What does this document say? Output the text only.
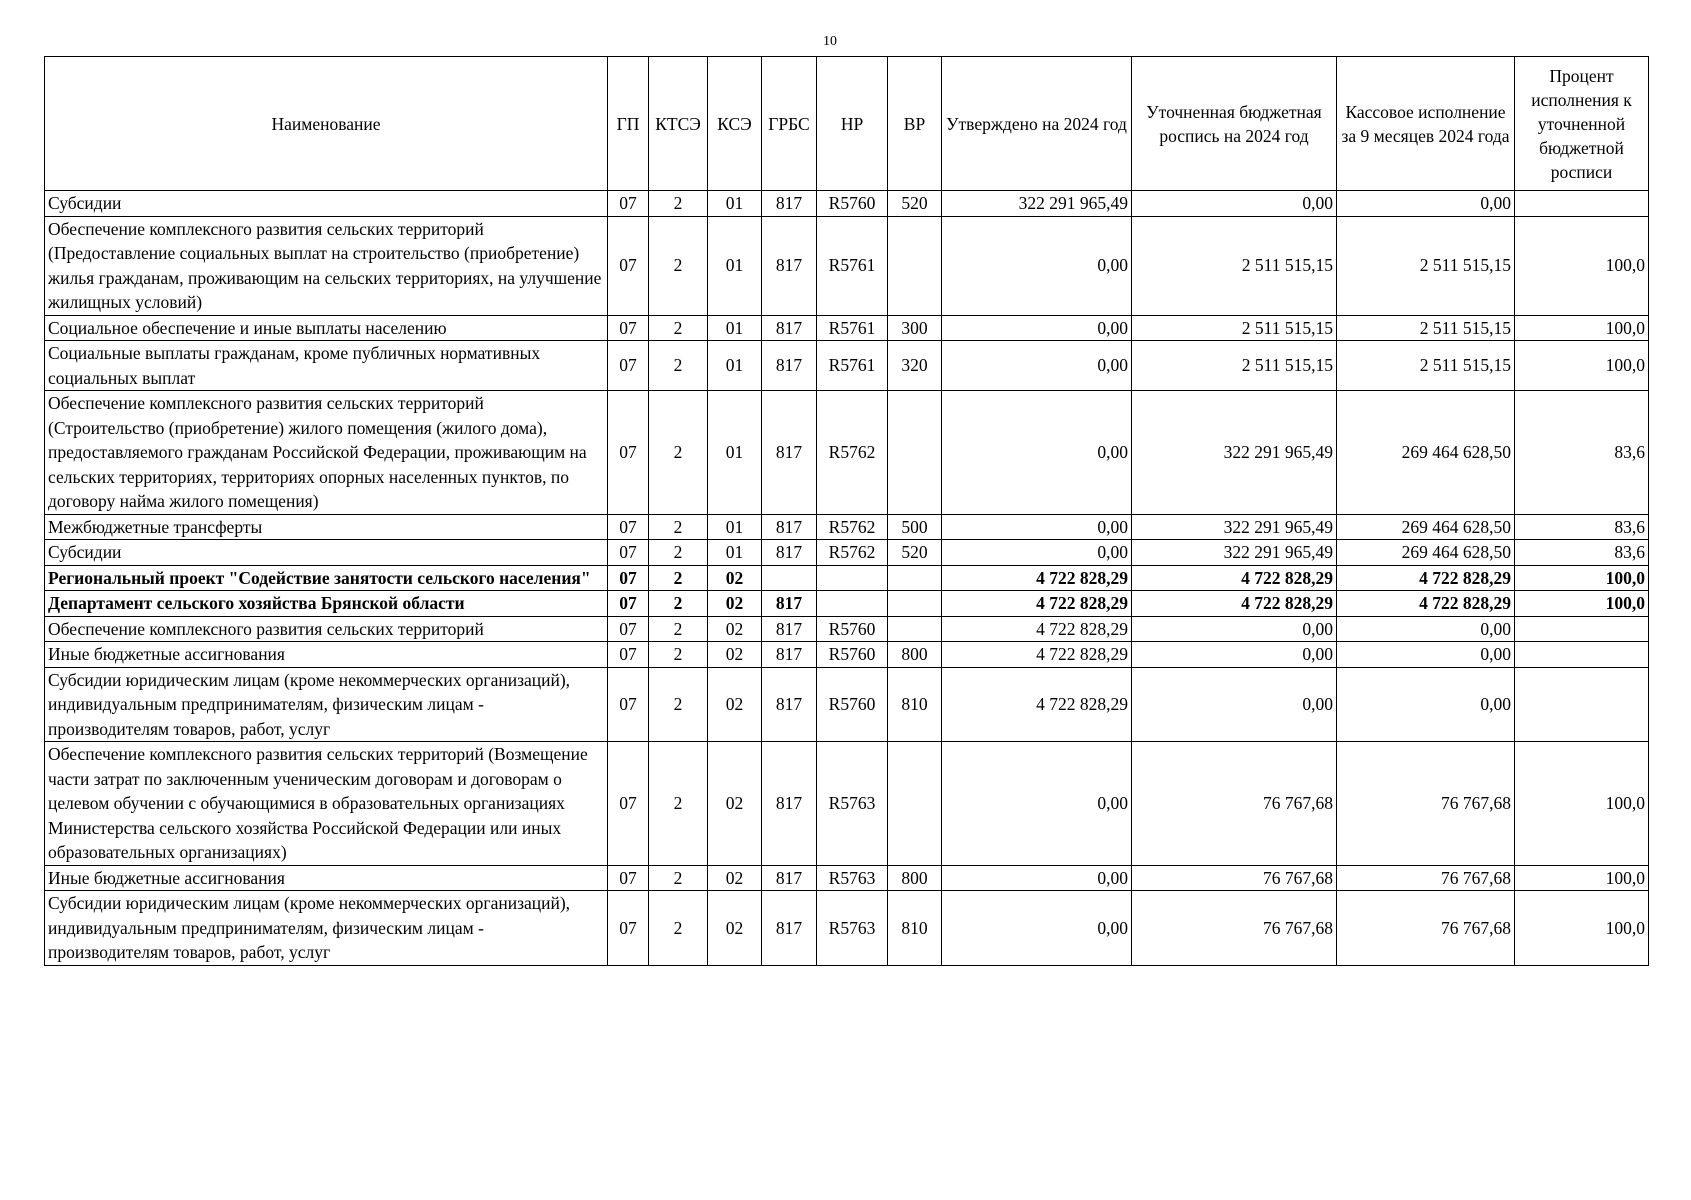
10
Наименование	ГП	КТСЭ	КСЭ	ГРБС	НР	ВР	Утверждено на 2024 год	Уточненная бюджетная роспись на 2024 год	Кассовое исполнение за 9 месяцев 2024 года	Процент исполнения к уточненной бюджетной росписи
Субсидии	07	2	01	817	R5760	520	322 291 965,49	0,00	0,00	
Обеспечение комплексного развития сельских территорий (Предоставление социальных выплат на строительство (приобретение) жилья гражданам, проживающим на сельских территориях, на улучшение жилищных условий)	07	2	01	817	R5761		0,00	2 511 515,15	2 511 515,15	100,0
Социальное обеспечение и иные выплаты населению	07	2	01	817	R5761	300	0,00	2 511 515,15	2 511 515,15	100,0
Социальные выплаты гражданам, кроме публичных нормативных социальных выплат	07	2	01	817	R5761	320	0,00	2 511 515,15	2 511 515,15	100,0
Обеспечение комплексного развития сельских территорий (Строительство (приобретение) жилого помещения (жилого дома), предоставляемого гражданам Российской Федерации, проживающим на сельских территориях, территориях опорных населенных пунктов, по договору найма жилого помещения)	07	2	01	817	R5762		0,00	322 291 965,49	269 464 628,50	83,6
Межбюджетные трансферты	07	2	01	817	R5762	500	0,00	322 291 965,49	269 464 628,50	83,6
Субсидии	07	2	01	817	R5762	520	0,00	322 291 965,49	269 464 628,50	83,6
Региональный проект "Содействие занятости сельского населения"	07	2	02				4 722 828,29	4 722 828,29	4 722 828,29	100,0
Департамент сельского хозяйства Брянской области	07	2	02	817			4 722 828,29	4 722 828,29	4 722 828,29	100,0
Обеспечение комплексного развития сельских территорий	07	2	02	817	R5760		4 722 828,29	0,00	0,00	
Иные бюджетные ассигнования	07	2	02	817	R5760	800	4 722 828,29	0,00	0,00	
Субсидии юридическим лицам (кроме некоммерческих организаций), индивидуальным предпринимателям, физическим лицам - производителям товаров, работ, услуг	07	2	02	817	R5760	810	4 722 828,29	0,00	0,00	
Обеспечение комплексного развития сельских территорий (Возмещение части затрат по заключенным ученическим договорам и договорам о целевом обучении с обучающимися в образовательных организациях Министерства сельского хозяйства Российской Федерации или иных образовательных организациях)	07	2	02	817	R5763		0,00	76 767,68	76 767,68	100,0
Иные бюджетные ассигнования	07	2	02	817	R5763	800	0,00	76 767,68	76 767,68	100,0
Субсидии юридическим лицам (кроме некоммерческих организаций), индивидуальным предпринимателям, физическим лицам - производителям товаров, работ, услуг	07	2	02	817	R5763	810	0,00	76 767,68	76 767,68	100,0
